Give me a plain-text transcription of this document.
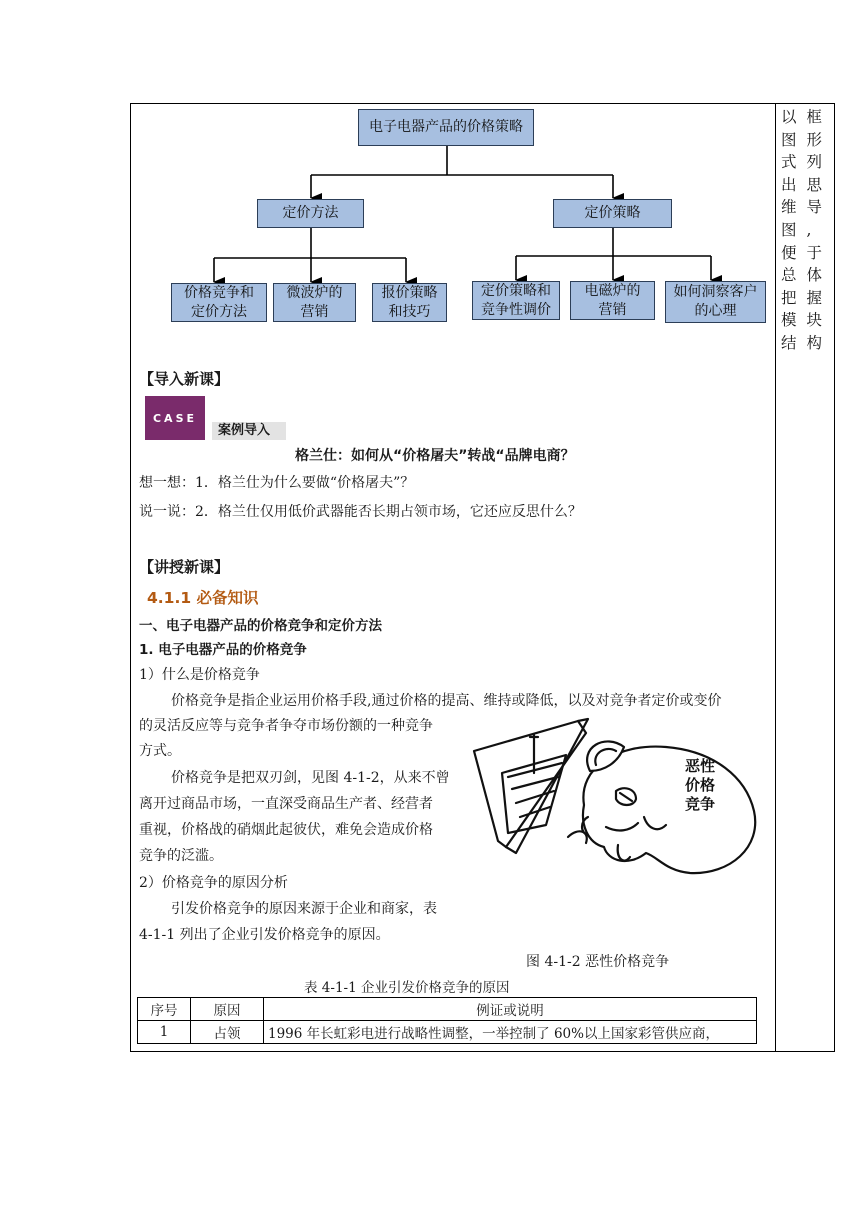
以框图形式列出思维导图,便于总体把握模块结构
电子电器产品的价格策略
定价方法	定价策略
价格竞争和
定价方法
微波炉的
营销
报价策略
和技巧
定价策略和
竞争性调价
电磁炉的
营销
如何洞察客户
的心理
【导入新课】
CASE
案例导入
格兰仕：如何从“价格屠夫”转战“品牌电商？
想一想：1．格兰仕为什么要做“价格屠夫”？
说一说：2．格兰仕仅用低价武器能否长期占领市场，它还应反思什么？
【讲授新课】
4.1.1 必备知识
一、电子电器产品的价格竞争和定价方法
1. 电子电器产品的价格竞争
1）什么是价格竞争
价格竞争是指企业运用价格手段,通过价格的提高、维持或降低，以及对竞争者定价或变价
的灵活反应等与竞争者争夺市场份额的一种竞争
方式。
价格竞争是把双刃剑，见图 4-1-2，从来不曾
离开过商品市场，一直深受商品生产者、经营者
重视，价格战的硝烟此起彼伏，难免会造成价格
竞争的泛滥。
2）价格竞争的原因分析
引发价格竞争的原因来源于企业和商家，表
4-1-1 列出了企业引发价格竞争的原因。
恶性价格竞争
图 4-1-2 恶性价格竞争
表 4-1-1 企业引发价格竞争的原因
序号	原因	例证或说明
1	占领	1996 年长虹彩电进行战略性调整，一举控制了 60%以上国家彩管供应商，
